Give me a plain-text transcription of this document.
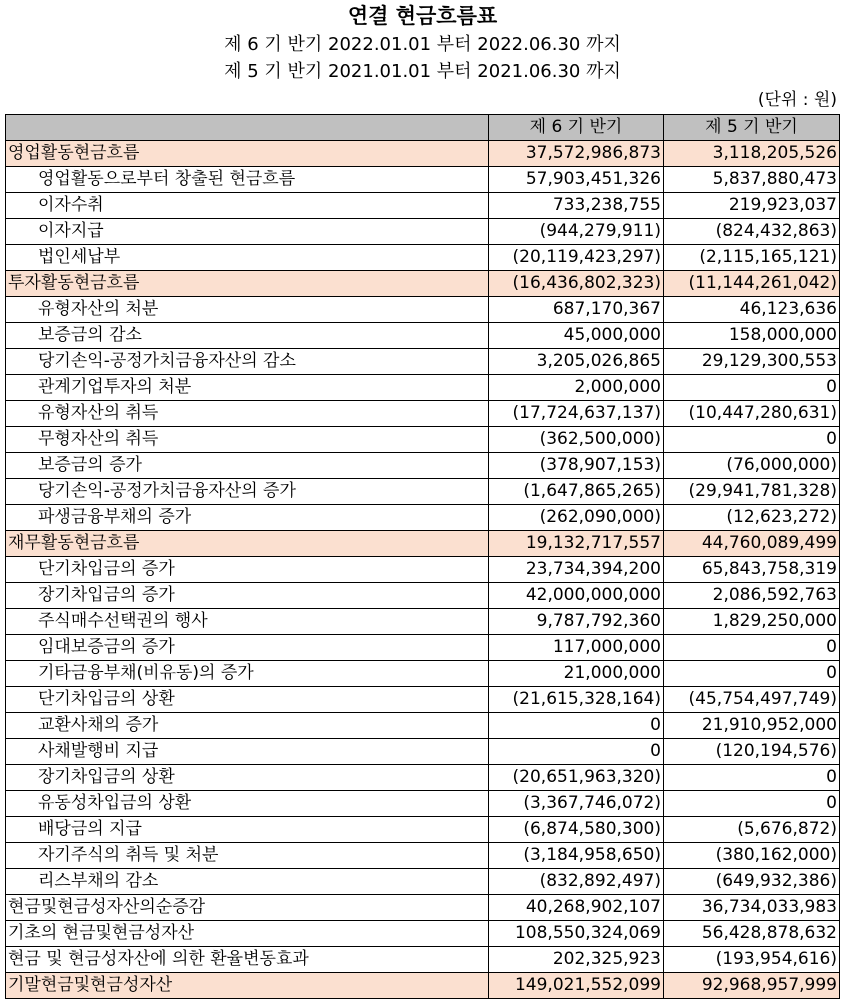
연결 현금흐름표
제 6 기 반기 2022.01.01 부터 2022.06.30 까지
제 5 기 반기 2021.01.01 부터 2021.06.30 까지
(단위 : 원)
	제 6 기 반기	제 5 기 반기
영업활동현금흐름	37,572,986,873	3,118,205,526
영업활동으로부터 창출된 현금흐름	57,903,451,326	5,837,880,473
이자수취	733,238,755	219,923,037
이자지급	(944,279,911)	(824,432,863)
법인세납부	(20,119,423,297)	(2,115,165,121)
투자활동현금흐름	(16,436,802,323)	(11,144,261,042)
유형자산의 처분	687,170,367	46,123,636
보증금의 감소	45,000,000	158,000,000
당기손익-공정가치금융자산의 감소	3,205,026,865	29,129,300,553
관계기업투자의 처분	2,000,000	0
유형자산의 취득	(17,724,637,137)	(10,447,280,631)
무형자산의 취득	(362,500,000)	0
보증금의 증가	(378,907,153)	(76,000,000)
당기손익-공정가치금융자산의 증가	(1,647,865,265)	(29,941,781,328)
파생금융부채의 증가	(262,090,000)	(12,623,272)
재무활동현금흐름	19,132,717,557	44,760,089,499
단기차입금의 증가	23,734,394,200	65,843,758,319
장기차입금의 증가	42,000,000,000	2,086,592,763
주식매수선택권의 행사	9,787,792,360	1,829,250,000
임대보증금의 증가	117,000,000	0
기타금융부채(비유동)의 증가	21,000,000	0
단기차입금의 상환	(21,615,328,164)	(45,754,497,749)
교환사채의 증가	0	21,910,952,000
사채발행비 지급	0	(120,194,576)
장기차입금의 상환	(20,651,963,320)	0
유동성차입금의 상환	(3,367,746,072)	0
배당금의 지급	(6,874,580,300)	(5,676,872)
자기주식의 취득 및 처분	(3,184,958,650)	(380,162,000)
리스부채의 감소	(832,892,497)	(649,932,386)
현금및현금성자산의순증감	40,268,902,107	36,734,033,983
기초의 현금및현금성자산	108,550,324,069	56,428,878,632
현금 및 현금성자산에 의한 환율변동효과	202,325,923	(193,954,616)
기말현금및현금성자산	149,021,552,099	92,968,957,999
